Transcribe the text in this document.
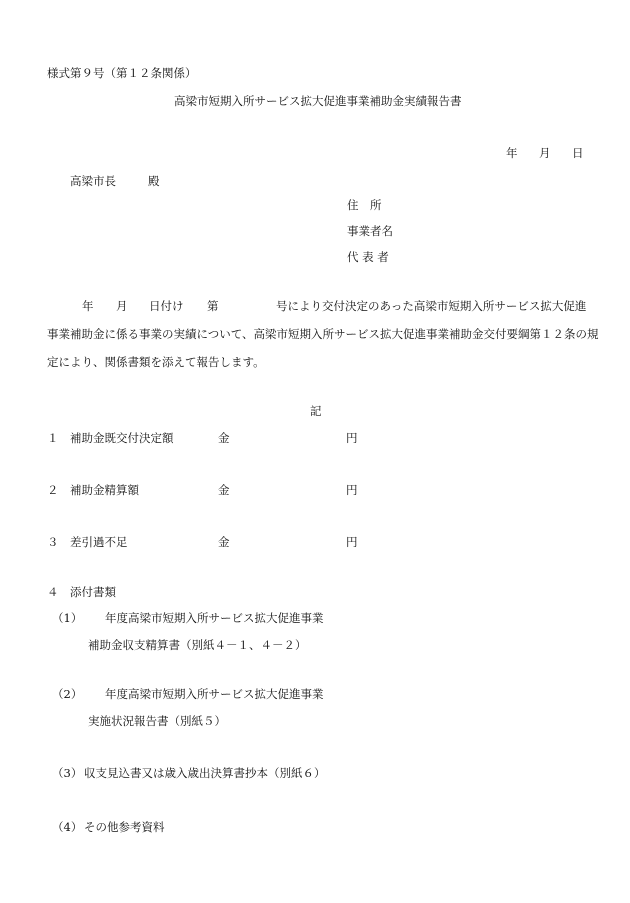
様式第９号（第１２条関係）
高梁市短期入所サービス拡大促進事業補助金実績報告書
年 月 日
高梁市長	殿
住　所
事業者名
代 表 者
年 月 日付け 第	号により交付決定のあった高梁市短期入所サービス拡大促進
事業補助金に係る事業の実績について、高梁市短期入所サービス拡大促進事業補助金交付要綱第１２条の規
定により、関係書類を添えて報告します。
記
１ 補助金既交付決定額	金	円
２ 補助金精算額	金	円
３ 差引過不足	金	円
４ 添付書類
（1） 年度高梁市短期入所サービス拡大促進事業
補助金収支精算書（別紙４－１、４－２）
（2） 年度高梁市短期入所サービス拡大促進事業
実施状況報告書（別紙５）
（3） 収支見込書又は歳入歳出決算書抄本（別紙６）
（4） その他参考資料
